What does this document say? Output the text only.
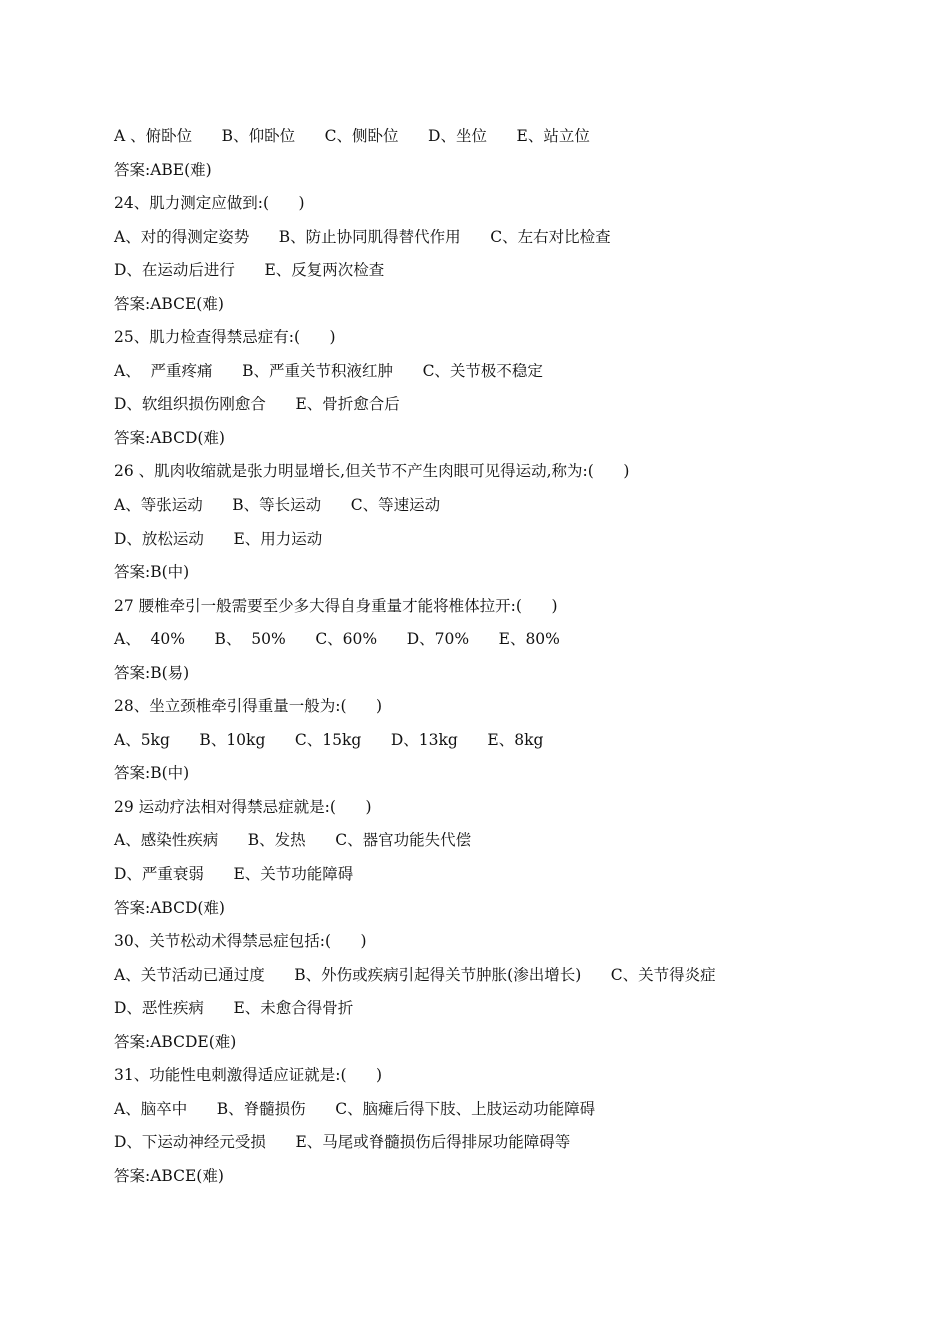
A 、俯卧位      B、仰卧位      C、侧卧位      D、坐位      E、站立位
答案:ABE(难)
24、肌力测定应做到:(      )
A、对的得测定姿势      B、防止协同肌得替代作用      C、左右对比检查
D、在运动后进行      E、反复两次检查
答案:ABCE(难)
25、肌力检查得禁忌症有:(      )
A、  严重疼痛      B、严重关节积液红肿      C、关节极不稳定
D、软组织损伤刚愈合      E、骨折愈合后
答案:ABCD(难)
26 、肌肉收缩就是张力明显增长,但关节不产生肉眼可见得运动,称为:(      )
A、等张运动      B、等长运动      C、等速运动
D、放松运动      E、用力运动
答案:B(中)
27 腰椎牵引一般需要至少多大得自身重量才能将椎体拉开:(      )
A、  40%      B、  50%      C、60%      D、70%      E、80%
答案:B(易)
28、坐立颈椎牵引得重量一般为:(      )
A、5kg      B、10kg      C、15kg      D、13kg      E、8kg
答案:B(中)
29 运动疗法相对得禁忌症就是:(      )
A、感染性疾病      B、发热      C、器官功能失代偿
D、严重衰弱      E、关节功能障碍
答案:ABCD(难)
30、关节松动术得禁忌症包括:(      )
A、关节活动已通过度      B、外伤或疾病引起得关节肿胀(渗出增长)      C、关节得炎症
D、恶性疾病      E、未愈合得骨折
答案:ABCDE(难)
31、功能性电刺激得适应证就是:(      )
A、脑卒中      B、脊髓损伤      C、脑瘫后得下肢、上肢运动功能障碍
D、下运动神经元受损      E、马尾或脊髓损伤后得排尿功能障碍等
答案:ABCE(难)
